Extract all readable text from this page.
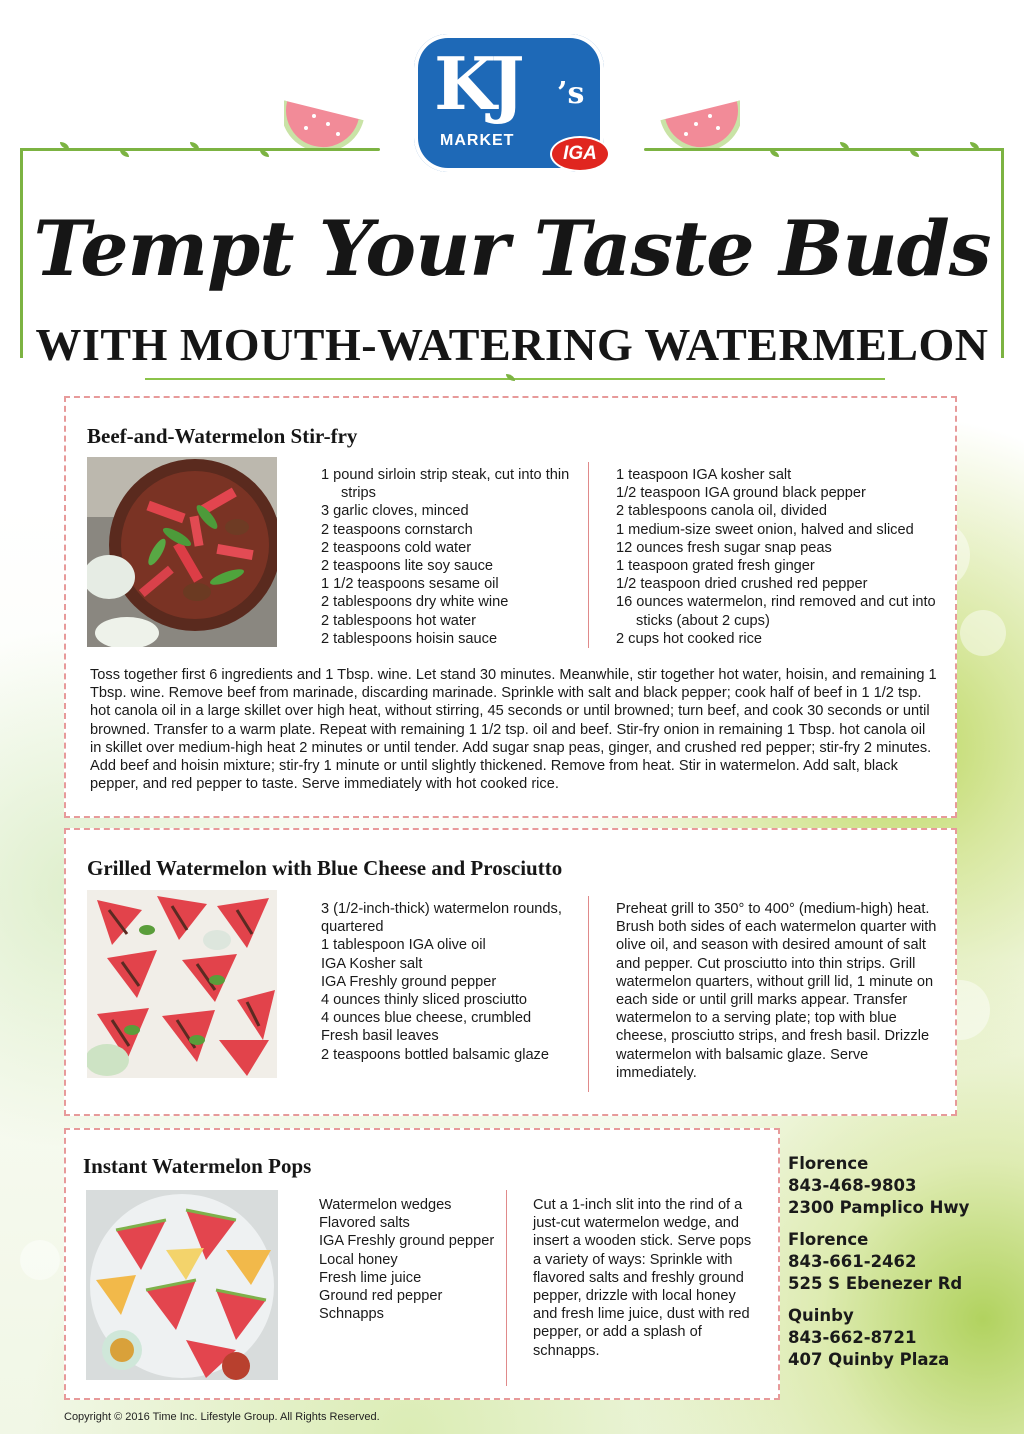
KJ ’s
MARKET
IGA
Tempt Your Taste Buds
WITH MOUTH-WATERING WATERMELON
Beef-and-Watermelon Stir-fry
1 pound sirloin strip steak, cut into thin strips
3 garlic cloves, minced
2 teaspoons cornstarch
2 teaspoons cold water
2 teaspoons lite soy sauce
1 1/2 teaspoons sesame oil
2 tablespoons dry white wine
2 tablespoons hot water
2 tablespoons hoisin sauce
1 teaspoon IGA kosher salt
1/2 teaspoon IGA ground black pepper
2 tablespoons canola oil, divided
1 medium-size sweet onion, halved and sliced
12 ounces fresh sugar snap peas
1 teaspoon grated fresh ginger
1/2 teaspoon dried crushed red pepper
16 ounces watermelon, rind removed and cut into sticks (about 2 cups)
2 cups hot cooked rice

Toss together first 6 ingredients and 1 Tbsp. wine. Let stand 30 minutes. Meanwhile, stir together hot water, hoisin, and remaining 1 Tbsp. wine. Remove beef from marinade, discarding marinade. Sprinkle with salt and black pepper; cook half of beef in 1 1/2 tsp. hot canola oil in a large skillet over high heat, without stirring, 45 seconds or until browned; turn beef, and cook 30 seconds or until browned. Transfer to a warm plate. Repeat with remaining 1 1/2 tsp. oil and beef. Stir-fry onion in remaining 1 Tbsp. hot canola oil in skillet over medium-high heat 2 minutes or until tender. Add sugar snap peas, ginger, and crushed red pepper; stir-fry 2 minutes. Add beef and hoisin mixture; stir-fry 1 minute or until slightly thickened. Remove from heat. Stir in watermelon. Add salt, black pepper, and red pepper to taste. Serve immediately with hot cooked rice.

Grilled Watermelon with Blue Cheese and Prosciutto
3 (1/2-inch-thick) watermelon rounds, quartered
1 tablespoon IGA olive oil
IGA Kosher salt
IGA Freshly ground pepper
4 ounces thinly sliced prosciutto
4 ounces blue cheese, crumbled
Fresh basil leaves
2 teaspoons bottled balsamic glaze

Preheat grill to 350° to 400° (medium-high) heat. Brush both sides of each watermelon quarter with olive oil, and season with desired amount of salt and pepper. Cut prosciutto into thin strips. Grill watermelon quarters, without grill lid, 1 minute on each side or until grill marks appear. Transfer watermelon to a serving plate; top with blue cheese, prosciutto strips, and fresh basil. Drizzle watermelon with balsamic glaze. Serve immediately.

Instant Watermelon Pops
Watermelon wedges
Flavored salts
IGA Freshly ground pepper
Local honey
Fresh lime juice
Ground red pepper
Schnapps

Cut a 1-inch slit into the rind of a just-cut watermelon wedge, and insert a wooden stick. Serve pops a variety of ways: Sprinkle with flavored salts and freshly ground pepper, drizzle with local honey and fresh lime juice, dust with red pepper, or add a splash of schnapps.

Florence
843-468-9803
2300 Pamplico Hwy
Florence
843-661-2462
525 S Ebenezer Rd
Quinby
843-662-8721
407 Quinby Plaza
Copyright © 2016 Time Inc. Lifestyle Group. All Rights Reserved.
